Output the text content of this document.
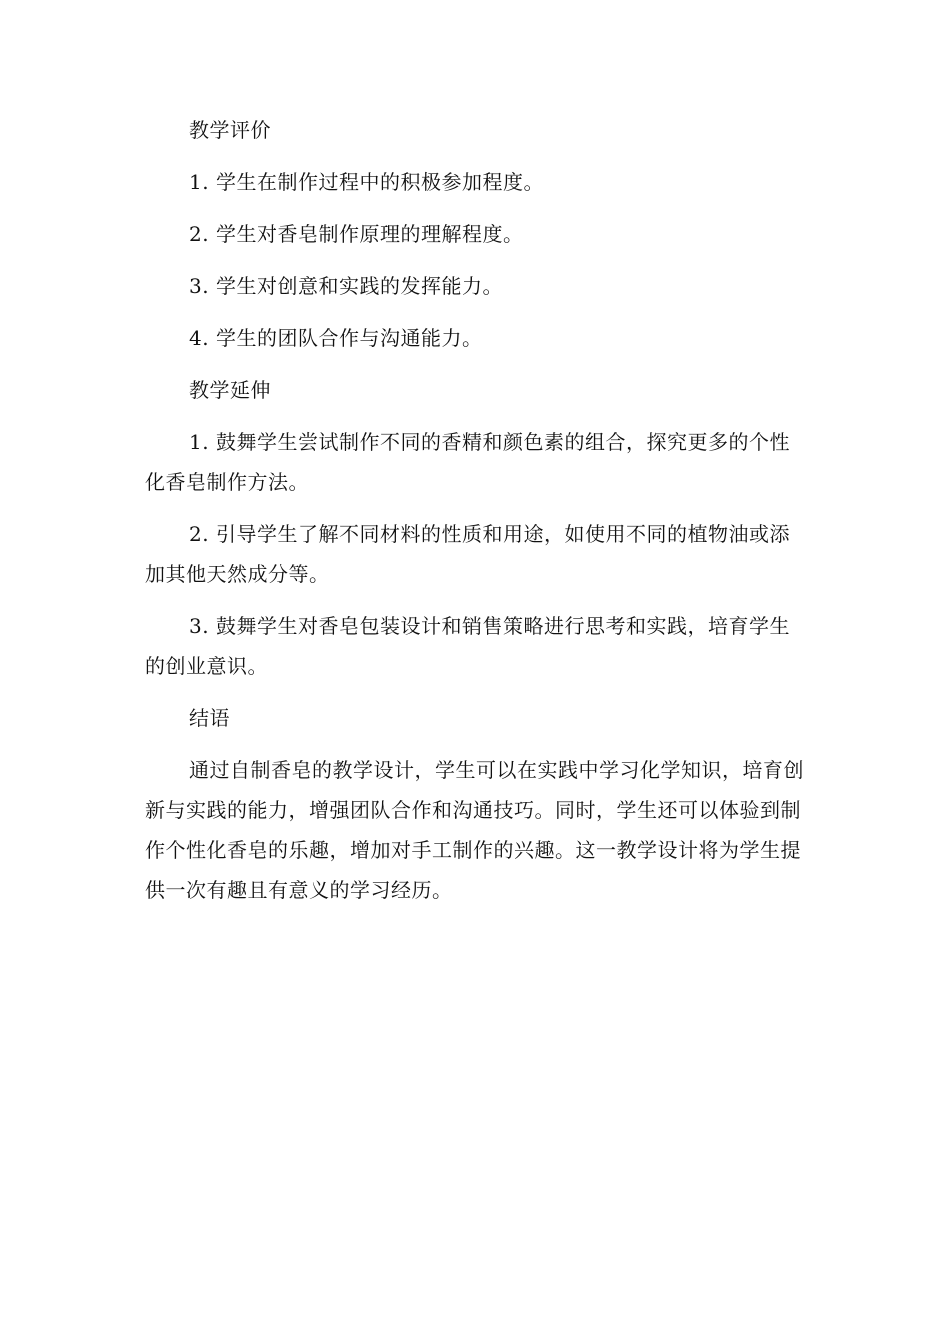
教学评价

1. 学生在制作过程中的积极参加程度。

2. 学生对香皂制作原理的理解程度。

3. 学生对创意和实践的发挥能力。

4. 学生的团队合作与沟通能力。

教学延伸

1. 鼓舞学生尝试制作不同的香精和颜色素的组合，探究更多的个性化香皂制作方法。

2. 引导学生了解不同材料的性质和用途，如使用不同的植物油或添加其他天然成分等。

3. 鼓舞学生对香皂包装设计和销售策略进行思考和实践，培育学生的创业意识。

结语

通过自制香皂的教学设计，学生可以在实践中学习化学知识，培育创新与实践的能力，增强团队合作和沟通技巧。同时，学生还可以体验到制作个性化香皂的乐趣，增加对手工制作的兴趣。这一教学设计将为学生提供一次有趣且有意义的学习经历。
